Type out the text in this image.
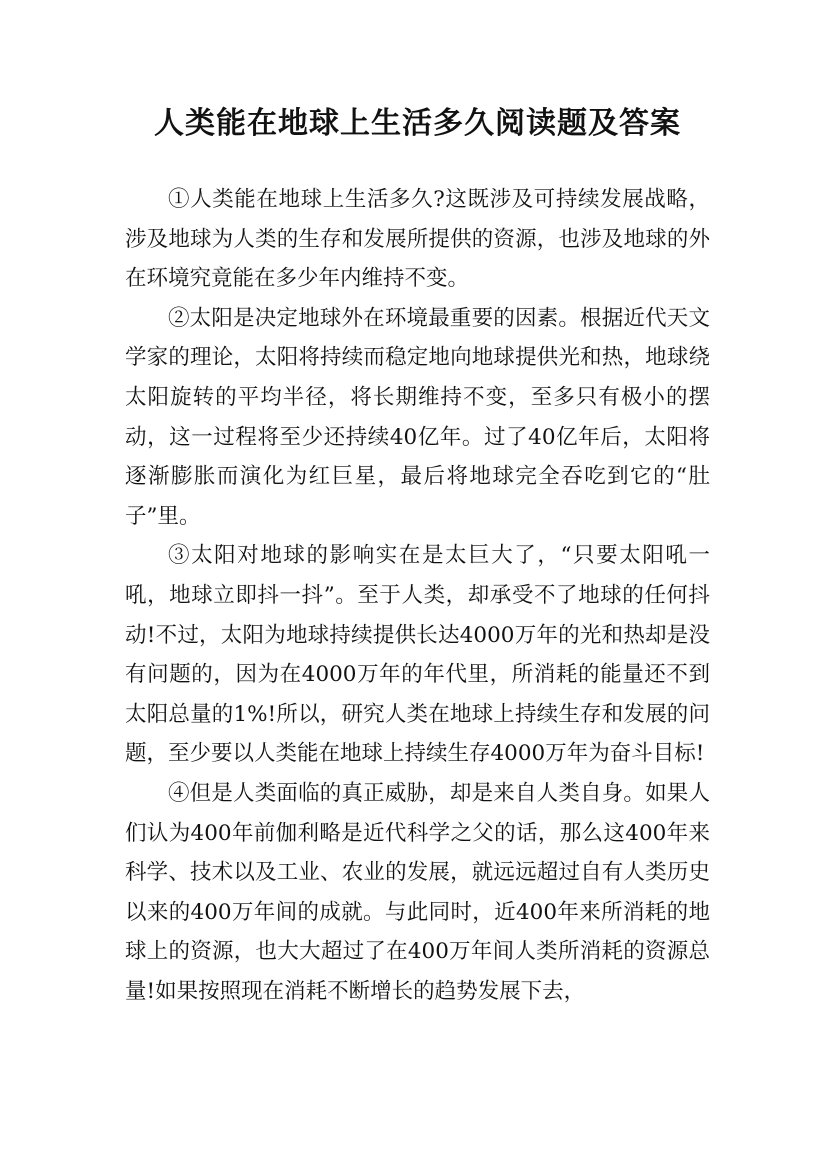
人类能在地球上生活多久阅读题及答案

①人类能在地球上生活多久?这既涉及可持续发展战略，涉及地球为人类的生存和发展所提供的资源，也涉及地球的外在环境究竟能在多少年内维持不变。

②太阳是决定地球外在环境最重要的因素。根据近代天文学家的理论，太阳将持续而稳定地向地球提供光和热，地球绕太阳旋转的平均半径，将长期维持不变，至多只有极小的摆动，这一过程将至少还持续40亿年。过了40亿年后，太阳将逐渐膨胀而演化为红巨星，最后将地球完全吞吃到它的“肚子”里。

③太阳对地球的影响实在是太巨大了，“只要太阳吼一吼，地球立即抖一抖”。至于人类，却承受不了地球的任何抖动!不过，太阳为地球持续提供长达4000万年的光和热却是没有问题的，因为在4000万年的年代里，所消耗的能量还不到太阳总量的1%!所以，研究人类在地球上持续生存和发展的问题，至少要以人类能在地球上持续生存4000万年为奋斗目标!

④但是人类面临的真正威胁，却是来自人类自身。如果人们认为400年前伽利略是近代科学之父的话，那么这400年来科学、技术以及工业、农业的发展，就远远超过自有人类历史以来的400万年间的成就。与此同时，近400年来所消耗的地球上的资源，也大大超过了在400万年间人类所消耗的资源总量!如果按照现在消耗不断增长的趋势发展下去，
